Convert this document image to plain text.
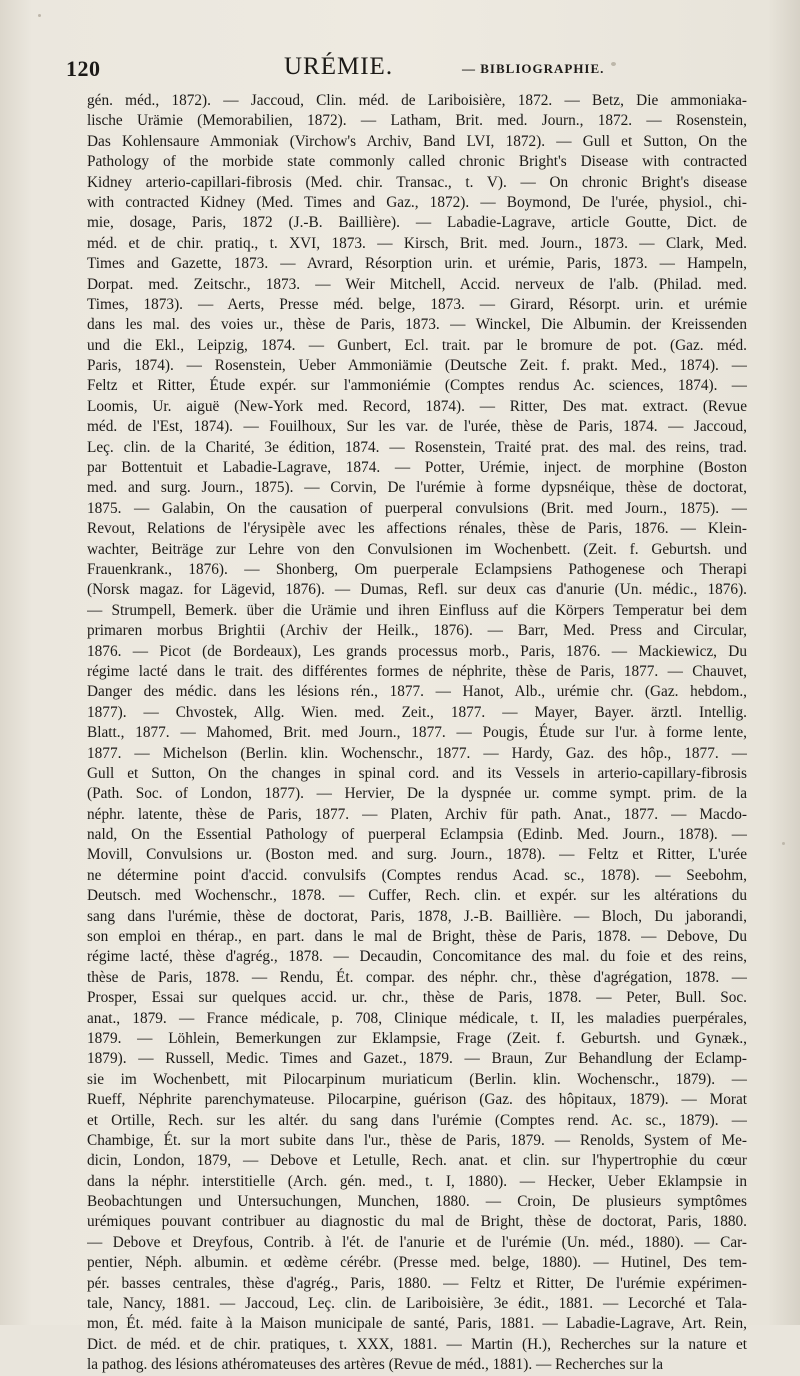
120	URÉMIE.	— BIBLIOGRAPHIE.
gén. méd., 1872). — Jaccoud, Clin. méd. de Lariboisière, 1872. — Betz, Die ammoniaka-
lische Urämie (Memorabilien, 1872). — Latham, Brit. med. Journ., 1872. — Rosenstein,
Das Kohlensaure Ammoniak (Virchow's Archiv, Band LVI, 1872). — Gull et Sutton, On the
Pathology of the morbide state commonly called chronic Bright's Disease with contracted
Kidney arterio-capillari-fibrosis (Med. chir. Transac., t. V). — On chronic Bright's disease
with contracted Kidney (Med. Times and Gaz., 1872). — Boymond, De l'urée, physiol., chi-
mie, dosage, Paris, 1872 (J.-B. Baillière). — Labadie-Lagrave, article Goutte, Dict. de
méd. et de chir. pratiq., t. XVI, 1873. — Kirsch, Brit. med. Journ., 1873. — Clark, Med.
Times and Gazette, 1873. — Avrard, Résorption urin. et urémie, Paris, 1873. — Hampeln,
Dorpat. med. Zeitschr., 1873. — Weir Mitchell, Accid. nerveux de l'alb. (Philad. med.
Times, 1873). — Aerts, Presse méd. belge, 1873. — Girard, Résorpt. urin. et urémie
dans les mal. des voies ur., thèse de Paris, 1873. — Winckel, Die Albumin. der Kreissenden
und die Ekl., Leipzig, 1874. — Gunbert, Ecl. trait. par le bromure de pot. (Gaz. méd.
Paris, 1874). — Rosenstein, Ueber Ammoniämie (Deutsche Zeit. f. prakt. Med., 1874). —
Feltz et Ritter, Étude expér. sur l'ammoniémie (Comptes rendus Ac. sciences, 1874). —
Loomis, Ur. aiguë (New-York med. Record, 1874). — Ritter, Des mat. extract. (Revue
méd. de l'Est, 1874). — Fouilhoux, Sur les var. de l'urée, thèse de Paris, 1874. — Jaccoud,
Leç. clin. de la Charité, 3e édition, 1874. — Rosenstein, Traité prat. des mal. des reins, trad.
par Bottentuit et Labadie-Lagrave, 1874. — Potter, Urémie, inject. de morphine (Boston
med. and surg. Journ., 1875). — Corvin, De l'urémie à forme dypsnéique, thèse de doctorat,
1875. — Galabin, On the causation of puerperal convulsions (Brit. med Journ., 1875). —
Revout, Relations de l'érysipèle avec les affections rénales, thèse de Paris, 1876. — Klein-
wachter, Beiträge zur Lehre von den Convulsionen im Wochenbett. (Zeit. f. Geburtsh. und
Frauenkrank., 1876). — Shonberg, Om puerperale Eclampsiens Pathogenese och Therapi
(Norsk magaz. for Lägevid, 1876). — Dumas, Refl. sur deux cas d'anurie (Un. médic., 1876).
— Strumpell, Bemerk. über die Urämie und ihren Einfluss auf die Körpers Temperatur bei dem
primaren morbus Brightii (Archiv der Heilk., 1876). — Barr, Med. Press and Circular,
1876. — Picot (de Bordeaux), Les grands processus morb., Paris, 1876. — Mackiewicz, Du
régime lacté dans le trait. des différentes formes de néphrite, thèse de Paris, 1877. — Chauvet,
Danger des médic. dans les lésions rén., 1877. — Hanot, Alb., urémie chr. (Gaz. hebdom.,
1877). — Chvostek, Allg. Wien. med. Zeit., 1877. — Mayer, Bayer. ärztl. Intellig.
Blatt., 1877. — Mahomed, Brit. med Journ., 1877. — Pougis, Étude sur l'ur. à forme lente,
1877. — Michelson (Berlin. klin. Wochenschr., 1877. — Hardy, Gaz. des hôp., 1877. —
Gull et Sutton, On the changes in spinal cord. and its Vessels in arterio-capillary-fibrosis
(Path. Soc. of London, 1877). — Hervier, De la dyspnée ur. comme sympt. prim. de la
néphr. latente, thèse de Paris, 1877. — Platen, Archiv für path. Anat., 1877. — Macdo-
nald, On the Essential Pathology of puerperal Eclampsia (Edinb. Med. Journ., 1878). —
Movill, Convulsions ur. (Boston med. and surg. Journ., 1878). — Feltz et Ritter, L'urée
ne détermine point d'accid. convulsifs (Comptes rendus Acad. sc., 1878). — Seebohm,
Deutsch. med Wochenschr., 1878. — Cuffer, Rech. clin. et expér. sur les altérations du
sang dans l'urémie, thèse de doctorat, Paris, 1878, J.-B. Baillière. — Bloch, Du jaborandi,
son emploi en thérap., en part. dans le mal de Bright, thèse de Paris, 1878. — Debove, Du
régime lacté, thèse d'agrég., 1878. — Decaudin, Concomitance des mal. du foie et des reins,
thèse de Paris, 1878. — Rendu, Ét. compar. des néphr. chr., thèse d'agrégation, 1878. —
Prosper, Essai sur quelques accid. ur. chr., thèse de Paris, 1878. — Peter, Bull. Soc.
anat., 1879. — France médicale, p. 708, Clinique médicale, t. II, les maladies puerpérales,
1879. — Löhlein, Bemerkungen zur Eklampsie, Frage (Zeit. f. Geburtsh. und Gynæk.,
1879). — Russell, Medic. Times and Gazet., 1879. — Braun, Zur Behandlung der Eclamp-
sie im Wochenbett, mit Pilocarpinum muriaticum (Berlin. klin. Wochenschr., 1879). —
Rueff, Néphrite parenchymateuse. Pilocarpine, guérison (Gaz. des hôpitaux, 1879). — Morat
et Ortille, Rech. sur les altér. du sang dans l'urémie (Comptes rend. Ac. sc., 1879). —
Chambige, Ét. sur la mort subite dans l'ur., thèse de Paris, 1879. — Renolds, System of Me-
dicin, London, 1879, — Debove et Letulle, Rech. anat. et clin. sur l'hypertrophie du cœur
dans la néphr. interstitielle (Arch. gén. med., t. I, 1880). — Hecker, Ueber Eklampsie in
Beobachtungen und Untersuchungen, Munchen, 1880. — Croin, De plusieurs symptômes
urémiques pouvant contribuer au diagnostic du mal de Bright, thèse de doctorat, Paris, 1880.
— Debove et Dreyfous, Contrib. à l'ét. de l'anurie et de l'urémie (Un. méd., 1880). — Car-
pentier, Néph. albumin. et œdème cérébr. (Presse med. belge, 1880). — Hutinel, Des tem-
pér. basses centrales, thèse d'agrég., Paris, 1880. — Feltz et Ritter, De l'urémie expérimen-
tale, Nancy, 1881. — Jaccoud, Leç. clin. de Lariboisière, 3e édit., 1881. — Lecorché et Tala-
mon, Ét. méd. faite à la Maison municipale de santé, Paris, 1881. — Labadie-Lagrave, Art. Rein,
Dict. de méd. et de chir. pratiques, t. XXX, 1881. — Martin (H.), Recherches sur la nature et
la pathog. des lésions athéromateuses des artères (Revue de méd., 1881). — Recherches sur la
